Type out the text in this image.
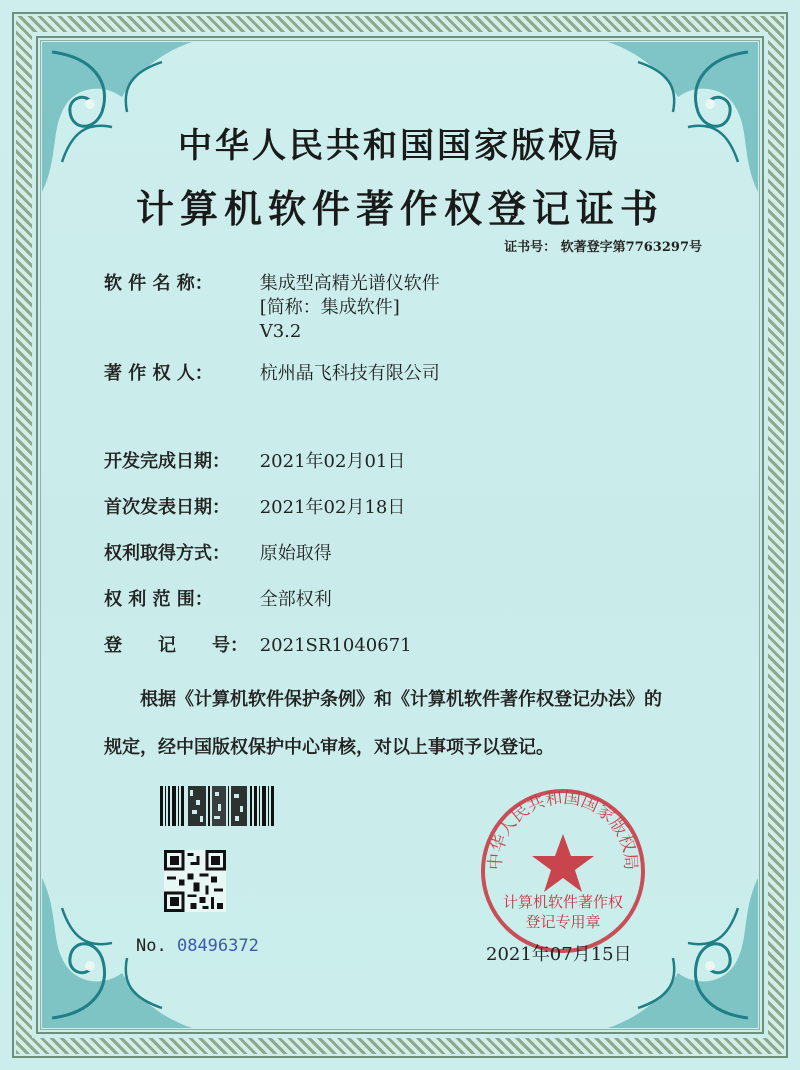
中华人民共和国国家版权局
计算机软件著作权登记证书
证书号： 软著登字第7763297号
软 件 名 称：	集成型高精光谱仪软件
[简称：集成软件]
V3.2
著 作 权 人：	杭州晶飞科技有限公司
开发完成日期： 2021年02月01日
首次发表日期： 2021年02月18日
权利取得方式： 原始取得
权 利 范 围：	全部权利
登　　记　　号： 2021SR1040671
根据《计算机软件保护条例》和《计算机软件著作权登记办法》的
规定，经中国版权保护中心审核，对以上事项予以登记。
No. 08496372
中华人民共和国国家版权局
计算机软件著作权
登记专用章
2021年07月15日
